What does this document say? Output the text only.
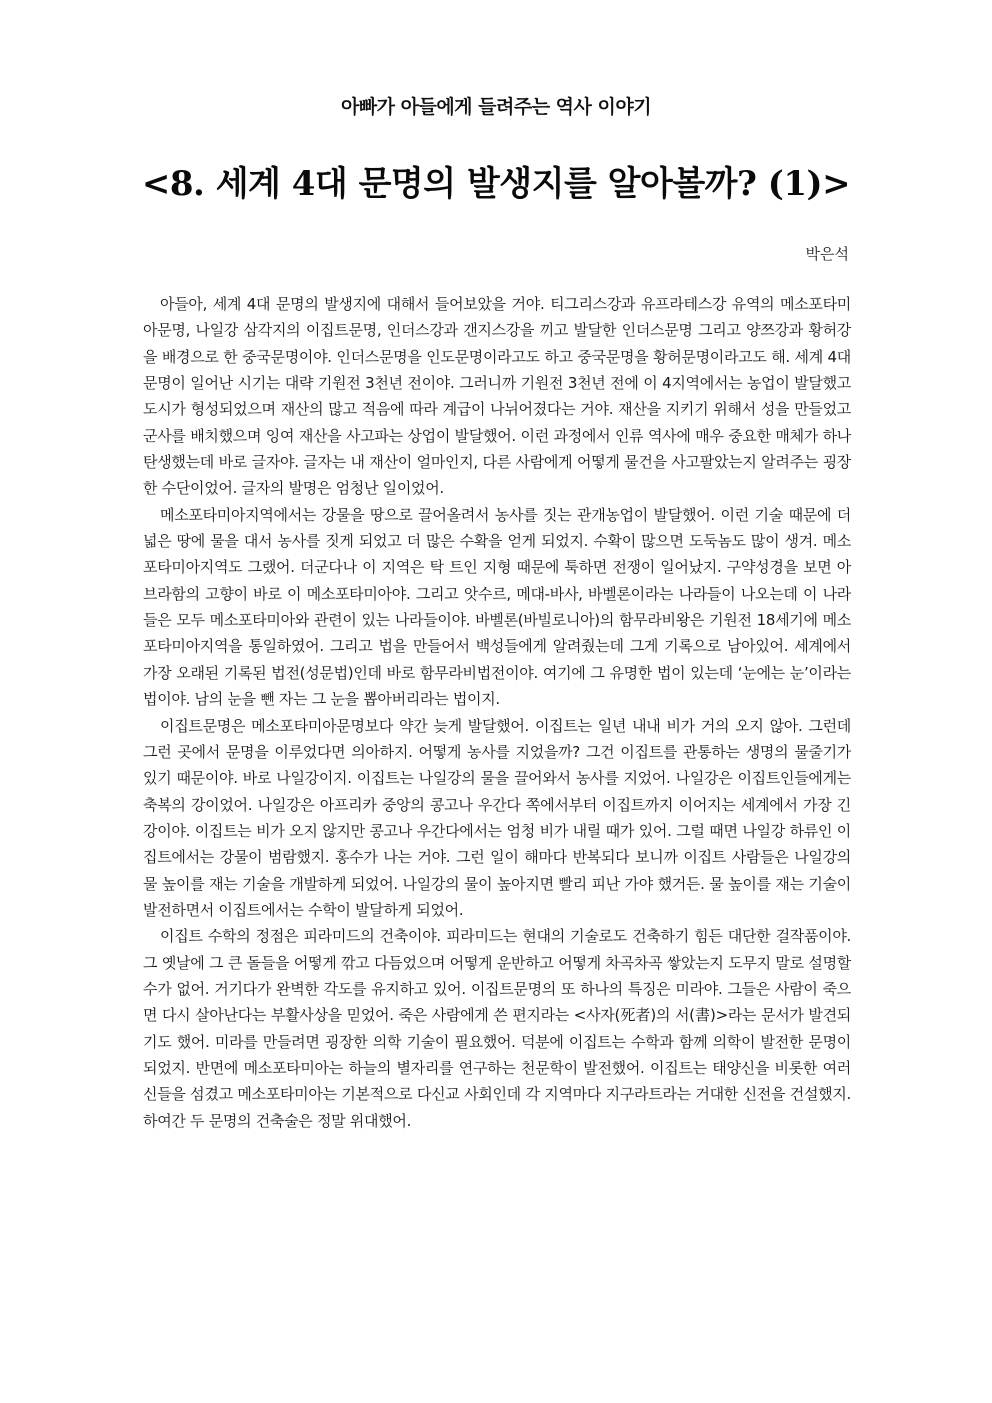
아빠가 아들에게 들려주는 역사 이야기
<8. 세계 4대 문명의 발생지를 알아볼까? (1)>
박은석

아들아, 세계 4대 문명의 발생지에 대해서 들어보았을 거야. 티그리스강과 유프라테스강 유역의 메소포타미아문명, 나일강 삼각지의 이집트문명, 인더스강과 갠지스강을 끼고 발달한 인더스문명 그리고 양쯔강과 황허강을 배경으로 한 중국문명이야. 인더스문명을 인도문명이라고도 하고 중국문명을 황허문명이라고도 해. 세계 4대 문명이 일어난 시기는 대략 기원전 3천년 전이야. 그러니까 기원전 3천년 전에 이 4지역에서는 농업이 발달했고 도시가 형성되었으며 재산의 많고 적음에 따라 계급이 나뉘어졌다는 거야. 재산을 지키기 위해서 성을 만들었고 군사를 배치했으며 잉여 재산을 사고파는 상업이 발달했어. 이런 과정에서 인류 역사에 매우 중요한 매체가 하나 탄생했는데 바로 글자야. 글자는 내 재산이 얼마인지, 다른 사람에게 어떻게 물건을 사고팔았는지 알려주는 굉장한 수단이었어. 글자의 발명은 엄청난 일이었어.

메소포타미아지역에서는 강물을 땅으로 끌어올려서 농사를 짓는 관개농업이 발달했어. 이런 기술 때문에 더 넓은 땅에 물을 대서 농사를 짓게 되었고 더 많은 수확을 얻게 되었지. 수확이 많으면 도둑놈도 많이 생겨. 메소포타미아지역도 그랬어. 더군다나 이 지역은 탁 트인 지형 때문에 툭하면 전쟁이 일어났지. 구약성경을 보면 아브라함의 고향이 바로 이 메소포타미아야. 그리고 앗수르, 메대-바사, 바벨론이라는 나라들이 나오는데 이 나라들은 모두 메소포타미아와 관련이 있는 나라들이야. 바벨론(바빌로니아)의 함무라비왕은 기원전 18세기에 메소포타미아지역을 통일하였어. 그리고 법을 만들어서 백성들에게 알려줬는데 그게 기록으로 남아있어. 세계에서 가장 오래된 기록된 법전(성문법)인데 바로 함무라비법전이야. 여기에 그 유명한 법이 있는데 ‘눈에는 눈’이라는 법이야. 남의 눈을 뺀 자는 그 눈을 뽑아버리라는 법이지.

이집트문명은 메소포타미아문명보다 약간 늦게 발달했어. 이집트는 일년 내내 비가 거의 오지 않아. 그런데 그런 곳에서 문명을 이루었다면 의아하지. 어떻게 농사를 지었을까? 그건 이집트를 관통하는 생명의 물줄기가 있기 때문이야. 바로 나일강이지. 이집트는 나일강의 물을 끌어와서 농사를 지었어. 나일강은 이집트인들에게는 축복의 강이었어. 나일강은 아프리카 중앙의 콩고나 우간다 쪽에서부터 이집트까지 이어지는 세계에서 가장 긴 강이야. 이집트는 비가 오지 않지만 콩고나 우간다에서는 엄청 비가 내릴 때가 있어. 그럴 때면 나일강 하류인 이집트에서는 강물이 범람했지. 홍수가 나는 거야. 그런 일이 해마다 반복되다 보니까 이집트 사람들은 나일강의 물 높이를 재는 기술을 개발하게 되었어. 나일강의 물이 높아지면 빨리 피난 가야 했거든. 물 높이를 재는 기술이 발전하면서 이집트에서는 수학이 발달하게 되었어.

이집트 수학의 정점은 피라미드의 건축이야. 피라미드는 현대의 기술로도 건축하기 힘든 대단한 걸작품이야. 그 옛날에 그 큰 돌들을 어떻게 깎고 다듬었으며 어떻게 운반하고 어떻게 차곡차곡 쌓았는지 도무지 말로 설명할 수가 없어. 거기다가 완벽한 각도를 유지하고 있어. 이집트문명의 또 하나의 특징은 미라야. 그들은 사람이 죽으면 다시 살아난다는 부활사상을 믿었어. 죽은 사람에게 쓴 편지라는 <사자(死者)의 서(書)>라는 문서가 발견되기도 했어. 미라를 만들려면 굉장한 의학 기술이 필요했어. 덕분에 이집트는 수학과 함께 의학이 발전한 문명이 되었지. 반면에 메소포타미아는 하늘의 별자리를 연구하는 천문학이 발전했어. 이집트는 태양신을 비롯한 여러 신들을 섬겼고 메소포타미아는 기본적으로 다신교 사회인데 각 지역마다 지구라트라는 거대한 신전을 건설했지. 하여간 두 문명의 건축술은 정말 위대했어.
